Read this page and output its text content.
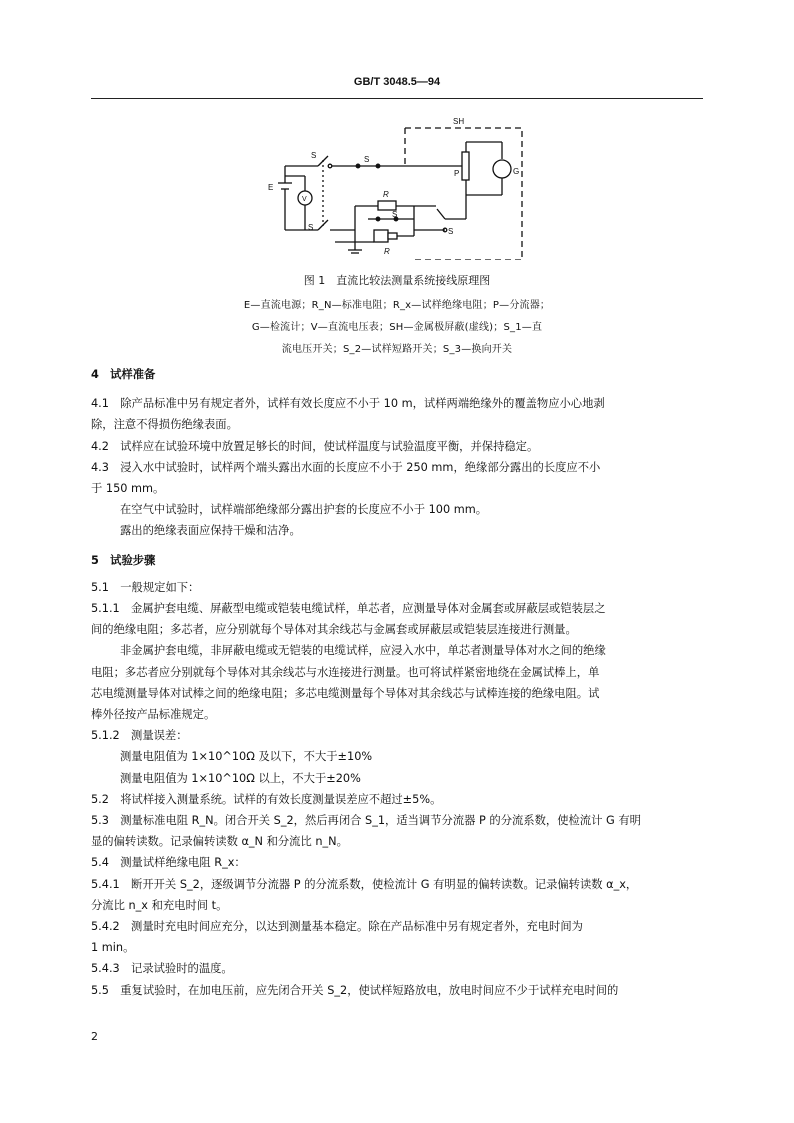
GB/T 3048.5—94
SH
S	S
P	G
E
V
R
S
S	S
R
图 1　直流比较法测量系统接线原理图
E—直流电源；R_N—标准电阻；R_x—试样绝缘电阻；P—分流器；
G—检流计；V—直流电压表；SH—金属极屏蔽(虚线)；S_1—直
流电压开关；S_2—试样短路开关；S_3—换向开关

4　试样准备

4.1　除产品标准中另有规定者外，试样有效长度应不小于 10 m，试样两端绝缘外的覆盖物应小心地剥

除，注意不得损伤绝缘表面。

4.2　试样应在试验环境中放置足够长的时间，使试样温度与试验温度平衡，并保持稳定。

4.3　浸入水中试验时，试样两个端头露出水面的长度应不小于 250 mm，绝缘部分露出的长度应不小

于 150 mm。

在空气中试验时，试样端部绝缘部分露出护套的长度应不小于 100 mm。

露出的绝缘表面应保持干燥和洁净。

5　试验步骤

5.1　一般规定如下：

5.1.1　金属护套电缆、屏蔽型电缆或铠装电缆试样，单芯者，应测量导体对金属套或屏蔽层或铠装层之

间的绝缘电阻；多芯者，应分别就每个导体对其余线芯与金属套或屏蔽层或铠装层连接进行测量。

非金属护套电缆，非屏蔽电缆或无铠装的电缆试样，应浸入水中，单芯者测量导体对水之间的绝缘

电阻；多芯者应分别就每个导体对其余线芯与水连接进行测量。也可将试样紧密地绕在金属试棒上，单

芯电缆测量导体对试棒之间的绝缘电阻；多芯电缆测量每个导体对其余线芯与试棒连接的绝缘电阻。试

棒外径按产品标准规定。

5.1.2　测量误差：

测量电阻值为 1×10^10Ω 及以下，不大于±10%

测量电阻值为 1×10^10Ω 以上，不大于±20%

5.2　将试样接入测量系统。试样的有效长度测量误差应不超过±5%。

5.3　测量标准电阻 R_N。闭合开关 S_2，然后再闭合 S_1，适当调节分流器 P 的分流系数，使检流计 G 有明

显的偏转读数。记录偏转读数 α_N 和分流比 n_N。

5.4　测量试样绝缘电阻 R_x：

5.4.1　断开开关 S_2，逐级调节分流器 P 的分流系数，使检流计 G 有明显的偏转读数。记录偏转读数 α_x，

分流比 n_x 和充电时间 t。

5.4.2　测量时充电时间应充分，以达到测量基本稳定。除在产品标准中另有规定者外，充电时间为

1 min。

5.4.3　记录试验时的温度。

5.5　重复试验时，在加电压前，应先闭合开关 S_2，使试样短路放电，放电时间应不少于试样充电时间的

2
